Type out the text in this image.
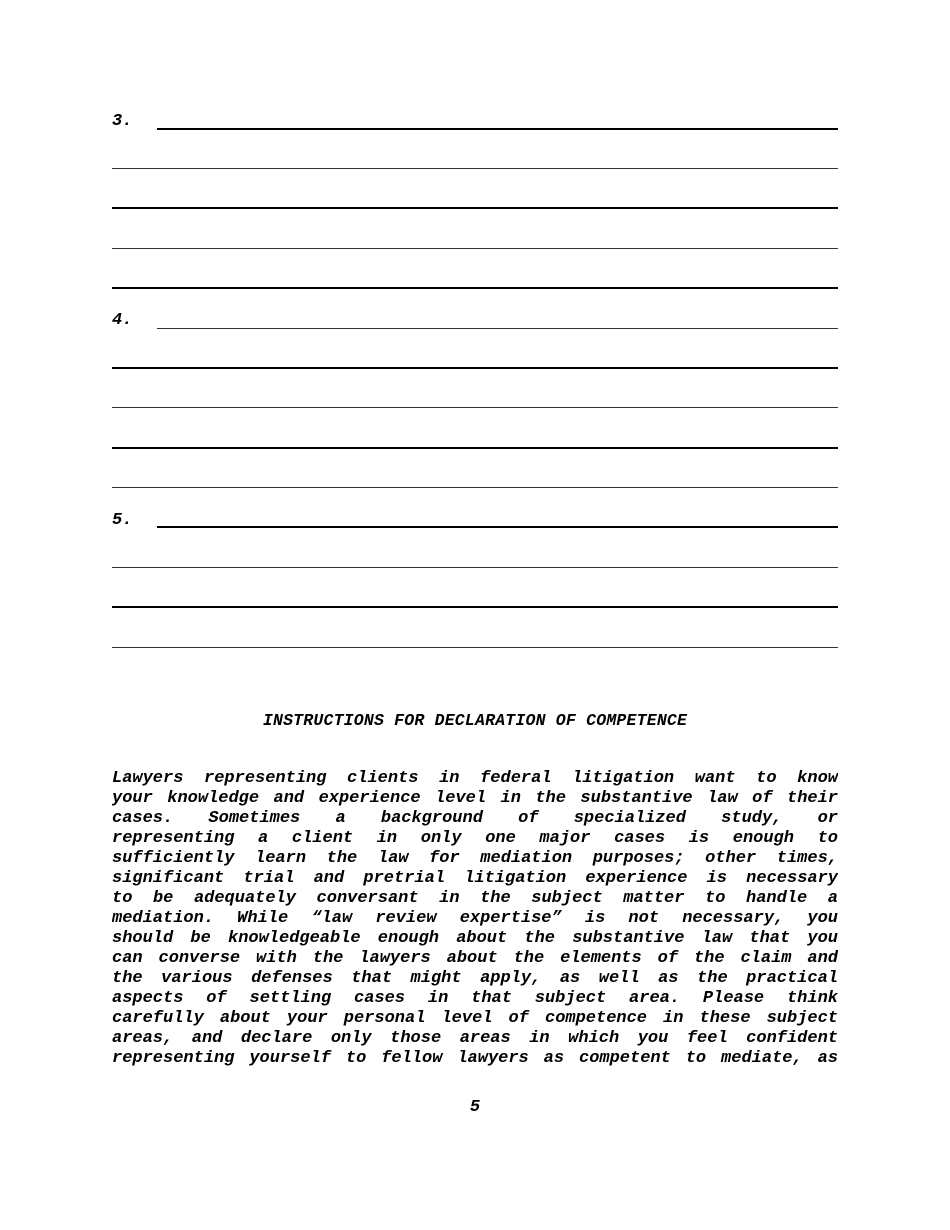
3.
4.
5.
INSTRUCTIONS FOR DECLARATION OF COMPETENCE
Lawyers representing clients in federal litigation want to know
your knowledge and experience level in the substantive law of their
cases. Sometimes a background of specialized study, or
representing a client in only one major cases is enough to
sufficiently learn the law for mediation purposes; other times,
significant trial and pretrial litigation experience is necessary
to be adequately conversant in the subject matter to handle a
mediation. While “law review expertise” is not necessary, you
should be knowledgeable enough about the substantive law that you
can converse with the lawyers about the elements of the claim and
the various defenses that might apply, as well as the practical
aspects of settling cases in that subject area. Please think
carefully about your personal level of competence in these subject
areas, and declare only those areas in which you feel confident
representing yourself to fellow lawyers as competent to mediate, as
5
